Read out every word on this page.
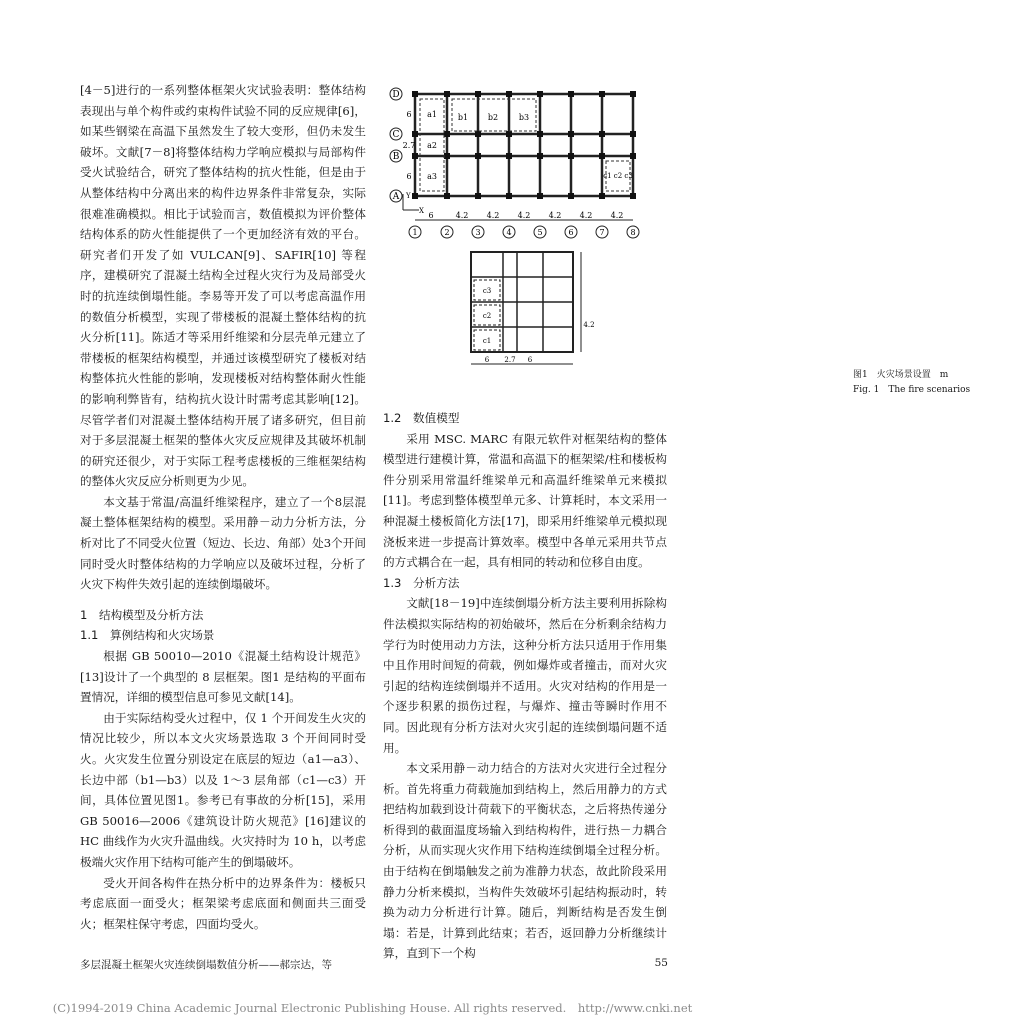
[4－5]进行的一系列整体框架火灾试验表明：整体结构表现出与单个构件或约束构件试验不同的反应规律[6]，如某些钢梁在高温下虽然发生了较大变形，但仍未发生破坏。文献[7－8]将整体结构力学响应模拟与局部构件受火试验结合，研究了整体结构的抗火性能，但是由于从整体结构中分离出来的构件边界条件非常复杂，实际很难准确模拟。相比于试验而言，数值模拟为评价整体结构体系的防火性能提供了一个更加经济有效的平台。研究者们开发了如 VULCAN[9]、SAFIR[10] 等程序，建模研究了混凝土结构全过程火灾行为及局部受火时的抗连续倒塌性能。李易等开发了可以考虑高温作用的数值分析模型，实现了带楼板的混凝土整体结构的抗火分析[11]。陈适才等采用纤维梁和分层壳单元建立了带楼板的框架结构模型，并通过该模型研究了楼板对结构整体抗火性能的影响，发现楼板对结构整体耐火性能的影响利弊皆有，结构抗火设计时需考虑其影响[12]。尽管学者们对混凝土整体结构开展了诸多研究，但目前对于多层混凝土框架的整体火灾反应规律及其破坏机制的研究还很少，对于实际工程考虑楼板的三维框架结构的整体火灾反应分析则更为少见。

本文基于常温/高温纤维梁程序，建立了一个8层混凝土整体框架结构的模型。采用静－动力分析方法，分析对比了不同受火位置（短边、长边、角部）处3个开间同时受火时整体结构的力学响应以及破坏过程，分析了火灾下构件失效引起的连续倒塌破坏。

1　结构模型及分析方法

1.1　算例结构和火灾场景

根据 GB 50010—2010《混凝土结构设计规范》[13]设计了一个典型的 8 层框架。图1 是结构的平面布置情况，详细的模型信息可参见文献[14]。

由于实际结构受火过程中，仅 1 个开间发生火灾的情况比较少，所以本文火灾场景选取 3 个开间同时受火。火灾发生位置分别设定在底层的短边（a1—a3）、长边中部（b1—b3）以及 1～3 层角部（c1—c3）开间，具体位置见图1。参考已有事故的分析[15]，采用 GB 50016—2006《建筑设计防火规范》[16]建议的 HC 曲线作为火灾升温曲线。火灾持时为 10 h，以考虑极端火灾作用下结构可能产生的倒塌破坏。

受火开间各构件在热分析中的边界条件为：楼板只考虑底面一面受火；框架梁考虑底面和侧面共三面受火；框架柱保守考虑，四面均受火。

D
C
B
A
6
2.7
6
a1
a2
a3
b1 b2	b3
c1 c2 c3
Y
X 6	4.2 4.2 4.2 4.2 4.2 4.2
1	2	3	4	5	6	7	8
c3
c2
c1
6 2.7 6
4.2
图1　火灾场景设置　m
Fig. 1　The fire scenarios

1.2　数值模型

采用 MSC. MARC 有限元软件对框架结构的整体模型进行建模计算，常温和高温下的框架梁/柱和楼板构件分别采用常温纤维梁单元和高温纤维梁单元来模拟[11]。考虑到整体模型单元多、计算耗时，本文采用一种混凝土楼板简化方法[17]，即采用纤维梁单元模拟现浇板来进一步提高计算效率。模型中各单元采用共节点的方式耦合在一起，具有相同的转动和位移自由度。

1.3　分析方法

文献[18－19]中连续倒塌分析方法主要利用拆除构件法模拟实际结构的初始破坏，然后在分析剩余结构力学行为时使用动力方法，这种分析方法只适用于作用集中且作用时间短的荷载，例如爆炸或者撞击，而对火灾引起的结构连续倒塌并不适用。火灾对结构的作用是一个逐步积累的损伤过程，与爆炸、撞击等瞬时作用不同。因此现有分析方法对火灾引起的连续倒塌问题不适用。

本文采用静－动力结合的方法对火灾进行全过程分析。首先将重力荷载施加到结构上，然后用静力的方式把结构加载到设计荷载下的平衡状态，之后将热传递分析得到的截面温度场输入到结构构件，进行热－力耦合分析，从而实现火灾作用下结构连续倒塌全过程分析。由于结构在倒塌触发之前为准静力状态，故此阶段采用静力分析来模拟，当构件失效破坏引起结构振动时，转换为动力分析进行计算。随后，判断结构是否发生倒塌：若是，计算到此结束；若否，返回静力分析继续计算，直到下一个构

多层混凝土框架火灾连续倒塌数值分析——郝宗达，等	55
(C)1994-2019 China Academic Journal Electronic Publishing House. All rights reserved.　http://www.cnki.net
